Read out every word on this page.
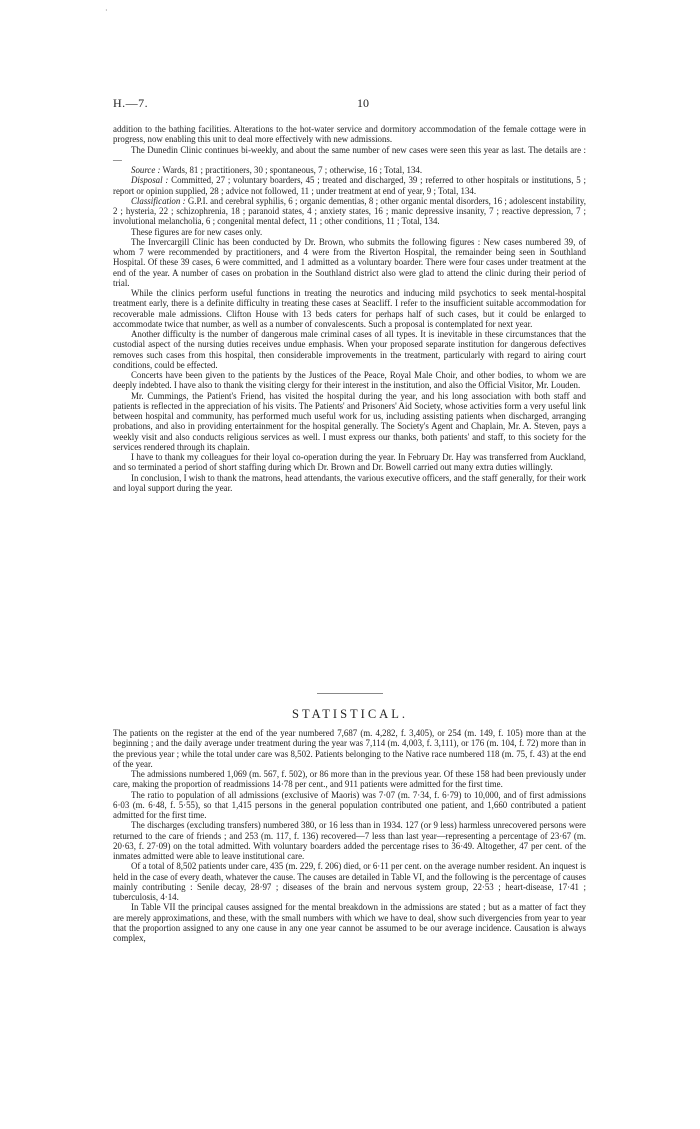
·
H.—7.	10

addition to the bathing facilities. Alterations to the hot-water service and dormitory accommodation of the female cottage were in progress, now enabling this unit to deal more effectively with new admissions.

The Dunedin Clinic continues bi-weekly, and about the same number of new cases were seen this year as last. The details are :—

Source : Wards, 81 ; practitioners, 30 ; spontaneous, 7 ; otherwise, 16 ; Total, 134.

Disposal : Committed, 27 ; voluntary boarders, 45 ; treated and discharged, 39 ; referred to other hospitals or institutions, 5 ; report or opinion supplied, 28 ; advice not followed, 11 ; under treatment at end of year, 9 ; Total, 134.

Classification : G.P.I. and cerebral syphilis, 6 ; organic dementias, 8 ; other organic mental disorders, 16 ; adolescent instability, 2 ; hysteria, 22 ; schizophrenia, 18 ; paranoid states, 4 ; anxiety states, 16 ; manic depressive insanity, 7 ; reactive depression, 7 ; involutional melancholia, 6 ; congenital mental defect, 11 ; other conditions, 11 ; Total, 134.

These figures are for new cases only.

The Invercargill Clinic has been conducted by Dr. Brown, who submits the following figures : New cases numbered 39, of whom 7 were recommended by practitioners, and 4 were from the Riverton Hospital, the remainder being seen in Southland Hospital. Of these 39 cases, 6 were committed, and 1 admitted as a voluntary boarder. There were four cases under treatment at the end of the year. A number of cases on probation in the Southland district also were glad to attend the clinic during their period of trial.

While the clinics perform useful functions in treating the neurotics and inducing mild psychotics to seek mental-hospital treatment early, there is a definite difficulty in treating these cases at Seacliff. I refer to the insufficient suitable accommodation for recoverable male admissions. Clifton House with 13 beds caters for perhaps half of such cases, but it could be enlarged to accommodate twice that number, as well as a number of convalescents. Such a proposal is contemplated for next year.

Another difficulty is the number of dangerous male criminal cases of all types. It is inevitable in these circumstances that the custodial aspect of the nursing duties receives undue emphasis. When your proposed separate institution for dangerous defectives removes such cases from this hospital, then considerable improvements in the treatment, particularly with regard to airing court conditions, could be effected.

Concerts have been given to the patients by the Justices of the Peace, Royal Male Choir, and other bodies, to whom we are deeply indebted. I have also to thank the visiting clergy for their interest in the institution, and also the Official Visitor, Mr. Louden.

Mr. Cummings, the Patient's Friend, has visited the hospital during the year, and his long association with both staff and patients is reflected in the appreciation of his visits. The Patients' and Prisoners' Aid Society, whose activities form a very useful link between hospital and community, has performed much useful work for us, including assisting patients when discharged, arranging probations, and also in providing entertainment for the hospital generally. The Society's Agent and Chaplain, Mr. A. Steven, pays a weekly visit and also conducts religious services as well. I must express our thanks, both patients' and staff, to this society for the services rendered through its chaplain.

I have to thank my colleagues for their loyal co-operation during the year. In February Dr. Hay was transferred from Auckland, and so terminated a period of short staffing during which Dr. Brown and Dr. Bowell carried out many extra duties willingly.

In conclusion, I wish to thank the matrons, head attendants, the various executive officers, and the staff generally, for their work and loyal support during the year.

STATISTICAL.

The patients on the register at the end of the year numbered 7,687 (m. 4,282, f. 3,405), or 254 (m. 149, f. 105) more than at the beginning ; and the daily average under treatment during the year was 7,114 (m. 4,003, f. 3,111), or 176 (m. 104, f. 72) more than in the previous year ; while the total under care was 8,502. Patients belonging to the Native race numbered 118 (m. 75, f. 43) at the end of the year.

The admissions numbered 1,069 (m. 567, f. 502), or 86 more than in the previous year. Of these 158 had been previously under care, making the proportion of readmissions 14·78 per cent., and 911 patients were admitted for the first time.

The ratio to population of all admissions (exclusive of Maoris) was 7·07 (m. 7·34, f. 6·79) to 10,000, and of first admissions 6·03 (m. 6·48, f. 5·55), so that 1,415 persons in the general population contributed one patient, and 1,660 contributed a patient admitted for the first time.

The discharges (excluding transfers) numbered 380, or 16 less than in 1934. 127 (or 9 less) harmless unrecovered persons were returned to the care of friends ; and 253 (m. 117, f. 136) recovered—7 less than last year—representing a percentage of 23·67 (m. 20·63, f. 27·09) on the total admitted. With voluntary boarders added the percentage rises to 36·49. Altogether, 47 per cent. of the inmates admitted were able to leave institutional care.

Of a total of 8,502 patients under care, 435 (m. 229, f. 206) died, or 6·11 per cent. on the average number resident. An inquest is held in the case of every death, whatever the cause. The causes are detailed in Table VI, and the following is the percentage of causes mainly contributing : Senile decay, 28·97 ; diseases of the brain and nervous system group, 22·53 ; heart-disease, 17·41 ; tuberculosis, 4·14.

In Table VII the principal causes assigned for the mental breakdown in the admissions are stated ; but as a matter of fact they are merely approximations, and these, with the small numbers with which we have to deal, show such divergencies from year to year that the proportion assigned to any one cause in any one year cannot be assumed to be our average incidence. Causation is always complex,
